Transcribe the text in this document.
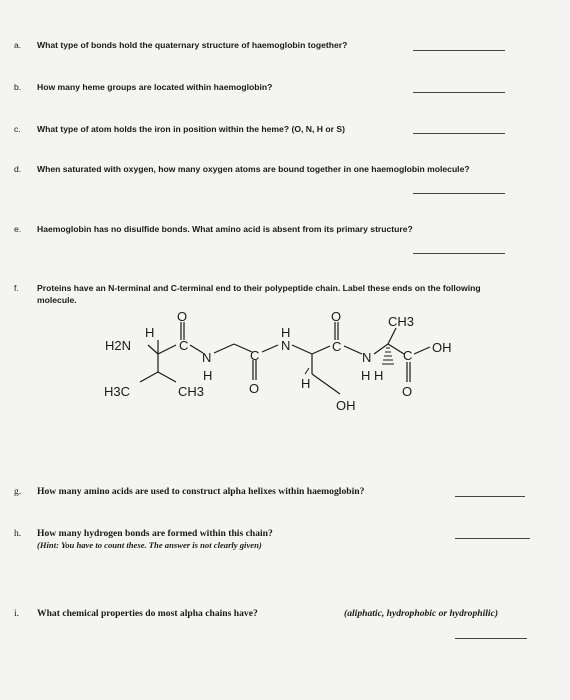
a. What type of bonds hold the quaternary structure of haemoglobin together?
b. How many heme groups are located within haemoglobin?
c. What type of atom holds the iron in position within the heme? (O, N, H or S)
d. When saturated with oxygen, how many oxygen atoms are bound together in one haemoglobin molecule?
e. Haemoglobin has no disulfide bonds. What amino acid is absent from its primary structure?
f. Proteins have an N-terminal and C-terminal end to their polypeptide chain. Label these ends on the following
molecule.
H2N
H
O
C
N
H
H3C	CH3
C
O
H
N
O
C
H
OH
CH3
N
H H
C
O
OH
g. How many amino acids are used to construct alpha helixes within haemoglobin?
h. How many hydrogen bonds are formed within this chain?
(Hint: You have to count these. The answer is not clearly given)
i. What chemical properties do most alpha chains have?	(aliphatic, hydrophobic or hydrophilic)
